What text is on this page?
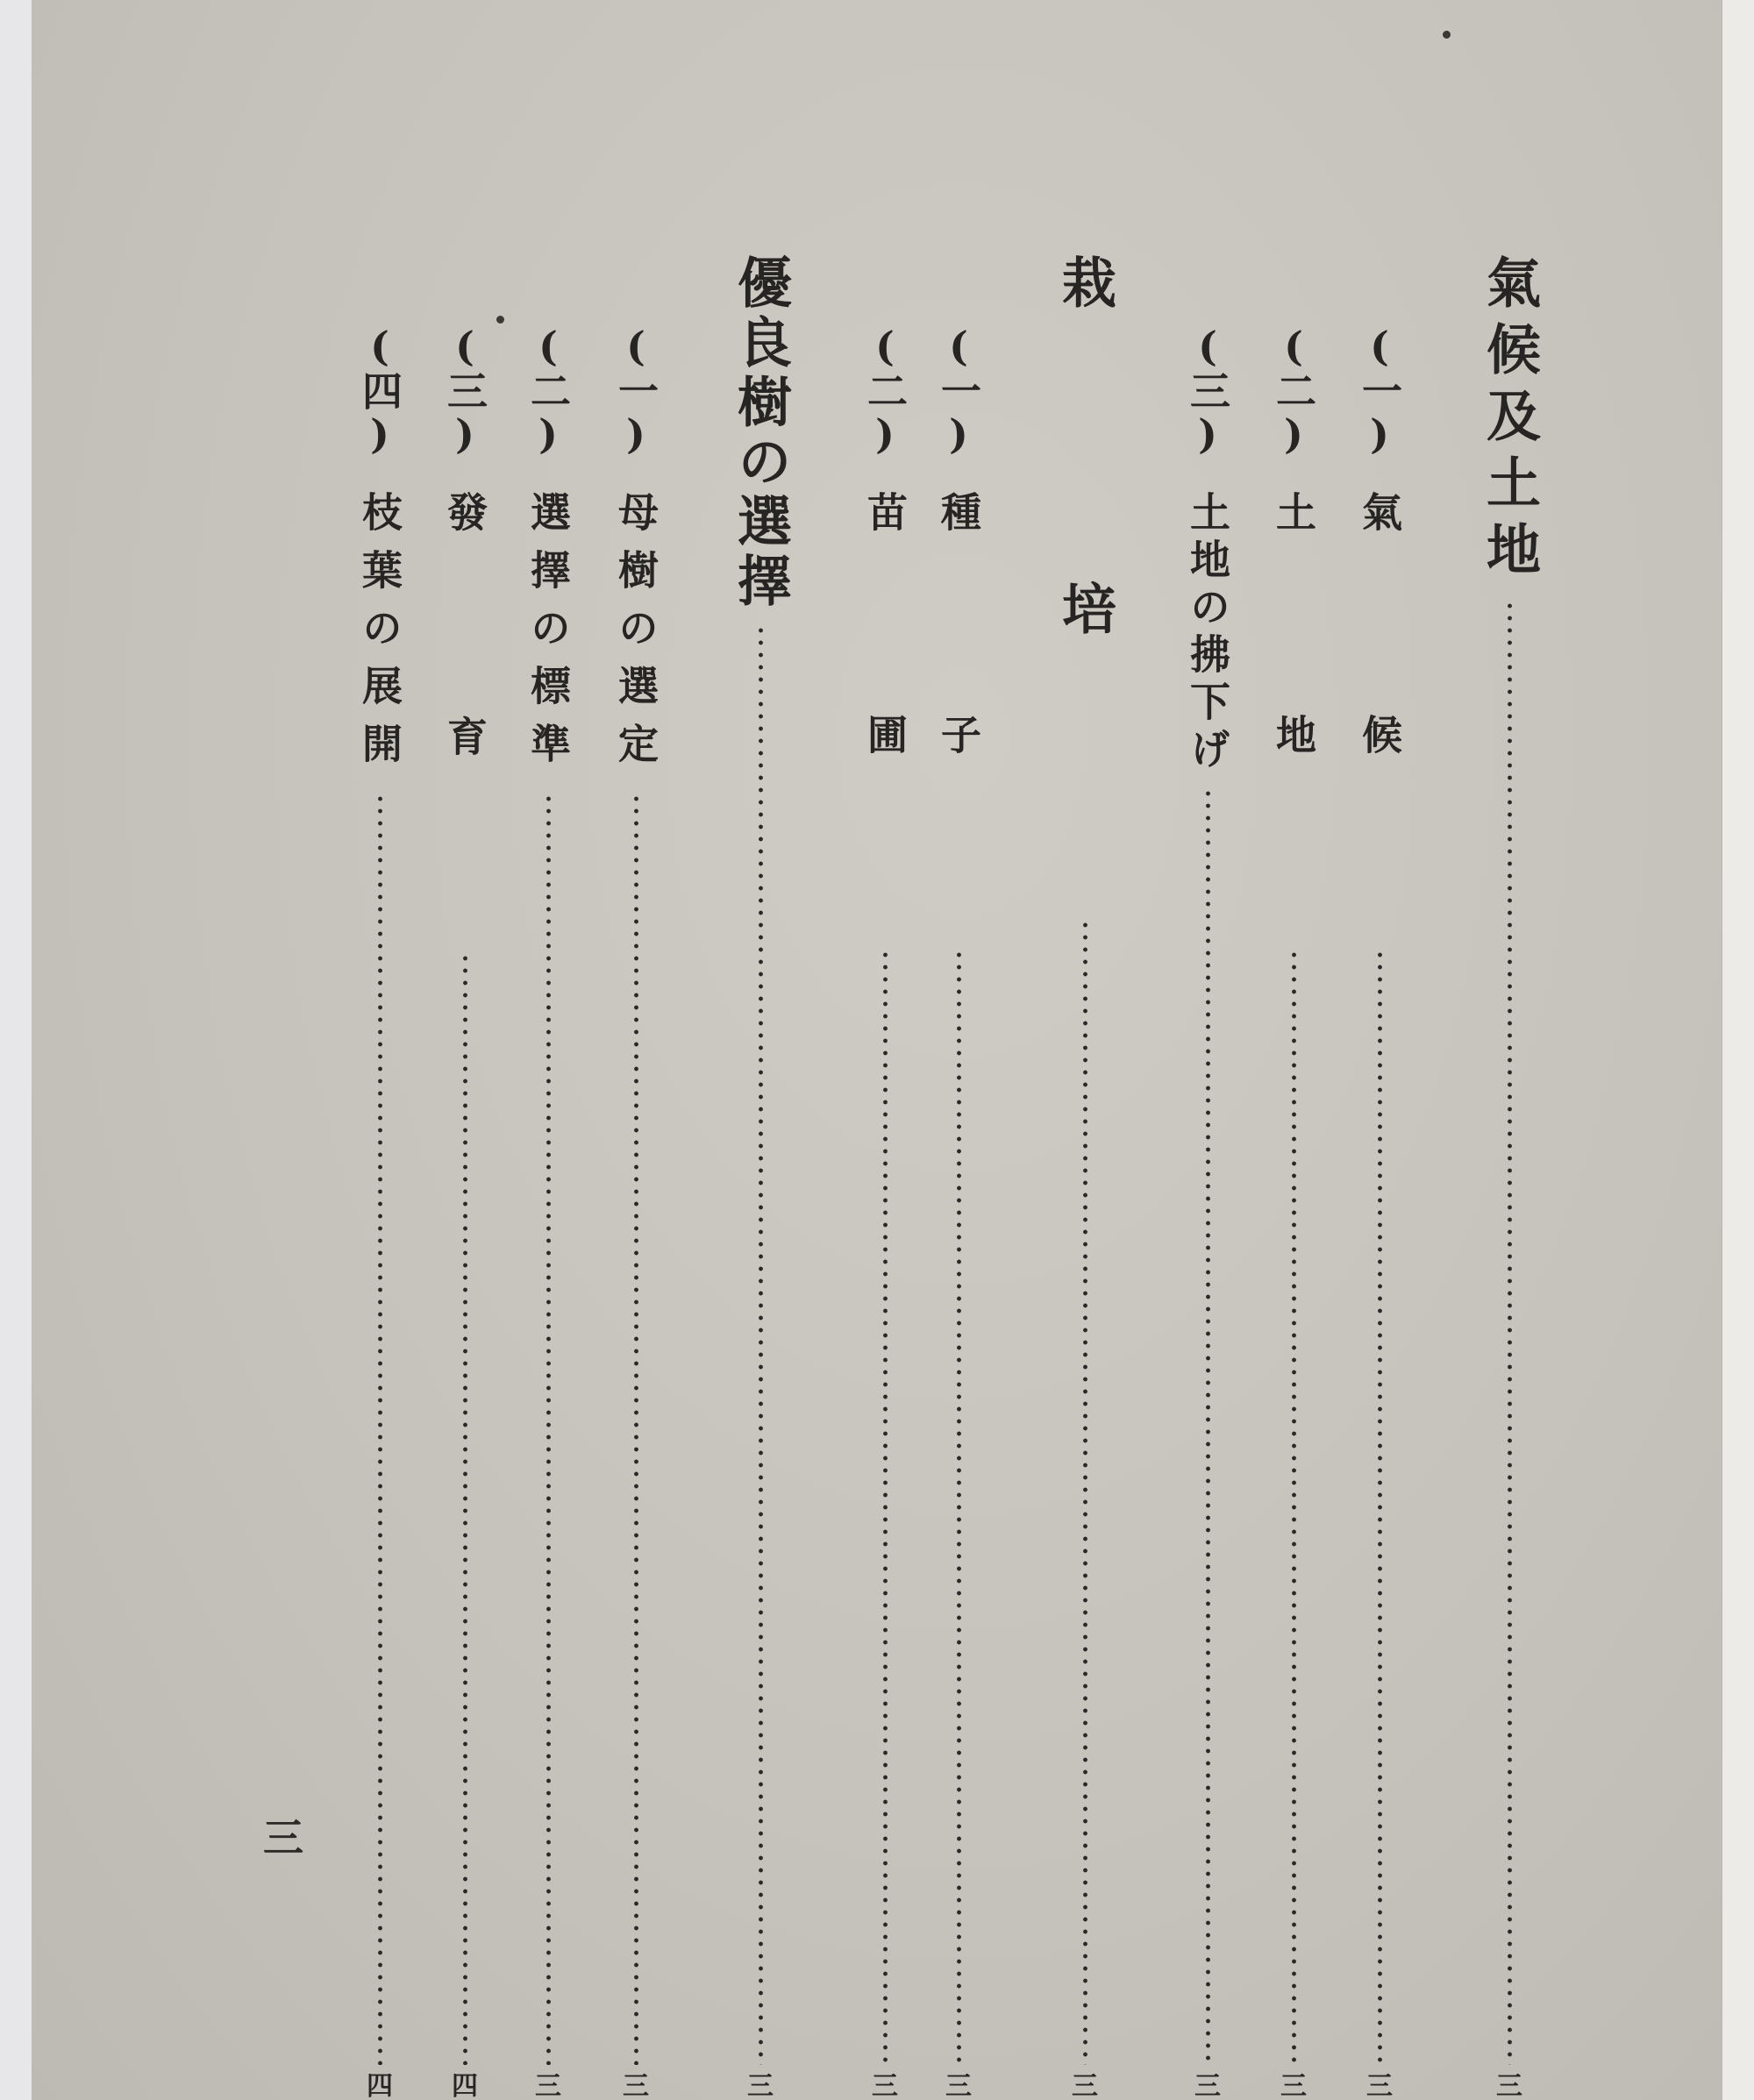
氣候及土地
三
(一)
氣候
三
(二)
土地
三
(三)
土地の拂下げ
三
栽培
三
(一)
種子
三
(二)
苗圃
三
優良樹の選擇
三
(一)
母樹の選定
三
(二)
選擇の標準
三
(三)
發育
四
(四)
枝葉の展開
四
三
